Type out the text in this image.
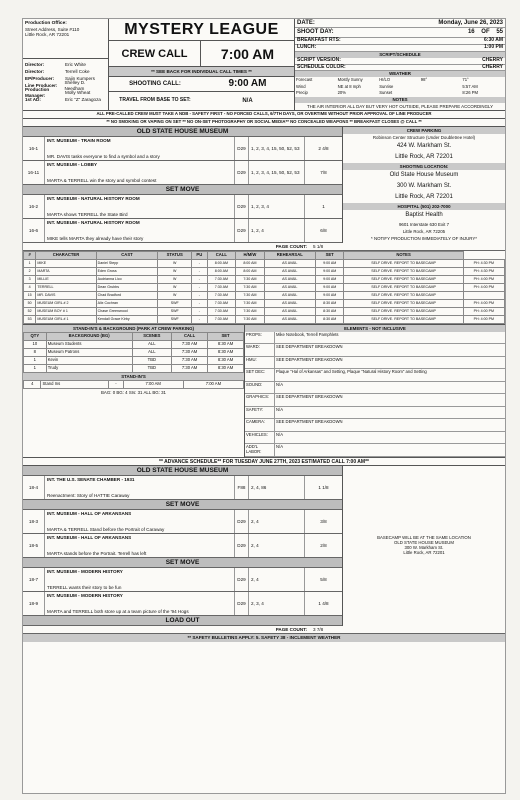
Production Office:
Street Address, Suite #110
Little Rock, AR 72201
Director:	Eric White
Director:	Terrell Coke
EP/Producer:	Sajin Kumpers
Line Producer:
Shelley D. Needham
Production Manager:
Molly Wheat
1st AD:	Eric "Z" Zaragoza
MYSTERY LEAGUE
CREW CALL	7:00 AM
** SEE BACK FOR INDIVIDUAL CALL TIMES **
SHOOTING CALL:	9:00 AM
TRAVEL FROM BASE TO SET:	N/A
DATE:	Monday, June 26, 2023
SHOOT DAY:	16 OF 55
BREAKFAST RTS:	6:30 AM
LUNCH:	1:00 PM
SCRIPT/SCHEDULE
SCRIPT VERSION:	CHERRY
SCHEDULE COLOR:	CHERRY
WEATHER
Forecast	Mostly Sunny	HI/LO	98°	71°
Wind	NE at 8 mph	Sunrise	5:57 AM
Precip	20%	Sunset	8:26 PM
NOTES
THE AIR INTERIOR ALL DAY BUT VERY HOT OUTSIDE, PLEASE PREPARE ACCORDINGLY
ALL PRE-CALLED CREW MUST TAKE A NDB - SAFETY FIRST - NO FORCED CALLS, 6/7TH DAYS, OR OVERTIME WITHOUT PRIOR APPROVAL OF LINE PRODUCER
** NO SMOKING OR VAPING ON SET ** NO ON-SET PHOTOGRAPHY OR SOCIAL MEDIA** NO CONCEALED WEAPONS ** BREAKFAST CLOSES @ CALL **
OLD STATE HOUSE MUSEUM
16-1
INT. MUSEUM - TRAIN ROOM
MR. DAVIS tasks everyone to find a symbol and a story
D29	1, 2, 3, 4, 15, 50, 52, 53	2 4/8
16-11
INT. MUSEUM - LOBBY
MARTA & TERRELL win the story and symbol contest
D29	1, 2, 3, 4, 15, 50, 52, 53	7/8
SET MOVE
16-2
INT. MUSEUM - NATURAL HISTORY ROOM
MARTA shows TERRELL the State Bird
D29	1, 2, 3, 4	1
16-6
INT. MUSEUM - NATURAL HISTORY ROOM
MIKE tells MARTA they already have their story
D29	1, 2, 4	6/8
CREW PARKING
Robinson Center Structure (Under Doubletree Hotel)
424 W. Markham St.
Little Rock, AR 72201
SHOOTING LOCATION:
Old State House Museum
300 W. Markham St.
Little Rock, AR 72201
HOSPITAL (501) 202-7000
Baptist Health
9601 Interstate 630 Exit 7
Little Rock, AR 72205
* NOTIFY PRODUCTION IMMEDIATELY OF INJURY*
PAGE COUNT:	5 1/8
#	CHARACTER	CAST	STATUS	PU	CALL	H/M/W	REHEARSAL	SET	NOTES	
1	MIKE	Daniel Stepp	W	-	8:00 AM	8:00 AM	AS AVAIL	9:00 AM	SELF DRIVE. REPORT TO BASECAMP	PH: 4:30 PM
2	MARTA	Eden Gross	W	-	8:00 AM	8:00 AM	AS AVAIL	9:00 AM	SELF DRIVE. REPORT TO BASECAMP	PH: 4:30 PM
3	MILLIE	Audrianna Lico	W	-	7:30 AM	7:30 AM	AS AVAIL	9:00 AM	SELF DRIVE. REPORT TO BASECAMP	PH: 4:00 PM
4	TERRELL	Dean Grubbs	W	-	7:30 AM	7:30 AM	AS AVAIL	9:00 AM	SELF DRIVE. REPORT TO BASECAMP	PH: 4:00 PM
15	MR. DAVIS	Chad Bradford	W	-	7:30 AM	7:30 AM	AS AVAIL	9:00 AM	SELF DRIVE. REPORT TO BASECAMP	
50	MUSEUM GIRL # 2	Alix Cochran	SWF	-	7:30 AM	7:30 AM	AS AVAIL	8:30 AM	SELF DRIVE. REPORT TO BASECAMP	PH: 4:00 PM
52	MUSEUM BOY # 1	Chase Greenwood	SWF	-	7:30 AM	7:30 AM	AS AVAIL	8:30 AM	SELF DRIVE. REPORT TO BASECAMP	PH: 4:00 PM
53	MUSEUM GIRL # 1	Kendall Grace Kirby	SWF	-	7:30 AM	7:30 AM	AS AVAIL	8:30 AM	SELF DRIVE. REPORT TO BASECAMP	PH: 4:00 PM
STAND-IN'S & BACKGROUND (PARK AT CREW PARKING)
QTY	BACKGROUND (BG)	SCENES	CALL	SET
10	Museum Students	ALL	7:30 AM	8:30 AM
8	Museum Patrons	ALL	7:30 AM	8:30 AM
1	Kevin	TBD	7:30 AM	8:30 AM
1	Trudy	TBD	7:30 AM	8:30 AM
STAND-IN'S
4	Stand Ins	-	7:00 AM	7:00 AM
BAG: 0 BG: 4 SIs: 31 ALL BG: 31
ELEMENTS - NOT INCLUSIVE
PROPS:	Mike Notebook, Terrell Pamphlets
WARD:	SEE DEPARTMENT BREAKDOWN
HMU:	SEE DEPARTMENT BREAKDOWN
SET DEC:	Plaque "Hal of Arkansas" and Setting, Plaque "Natural History Room" and Setting
SOUND:	N/A
GRAPHICS:	SEE DEPARTMENT BREAKDOWN
SAFETY:	N/A
CAMERA:	SEE DEPARTMENT BREAKDOWN
VEHICLES:	N/A
ADD'L LABOR:
N/A
** ADVANCE SCHEDULE** FOR TUESDAY JUNE 27TH, 2023 ESTIMATED CALL 7:00 AM**
OLD STATE HOUSE MUSEUM
18-4
INT. THE U.S. SENATE CHAMBER - 1931
Reenactment: Story of HATTIE Caraway
F88	2, 4, 86	1 1/8
SET MOVE
18-3
INT. MUSEUM - HALL OF ARKANSANS
MARTA & TERRELL Stand before the Portrait of Caraway
D29	2, 4	3/8
18-5
INT. MUSEUM - HALL OF ARKANSANS
MARTA stands before the Portrait. Terrell has left
D29	2, 4	2/8
SET MOVE
18-7
INT. MUSEUM - MODERN HISTORY
TERRELL wants their story to be fun
D29	2, 4	5/8
18-9
INT. MUSEUM - MODERN HISTORY
MARTA and TERRELL both store up at a team picture of the '94 Hogs
D29	2, 3, 4	1 4/8
LOAD OUT
BASECAMP WILL BE AT THE SAME LOCATION
OLD STATE HOUSE MUSEUM
300 W. Markham St.
Little Rock, AR 72201
PAGE COUNT:	3 7/8
** SAFETY BULLETINS APPLY: 5. SAFETY 38 - INCLEMENT WEATHER
